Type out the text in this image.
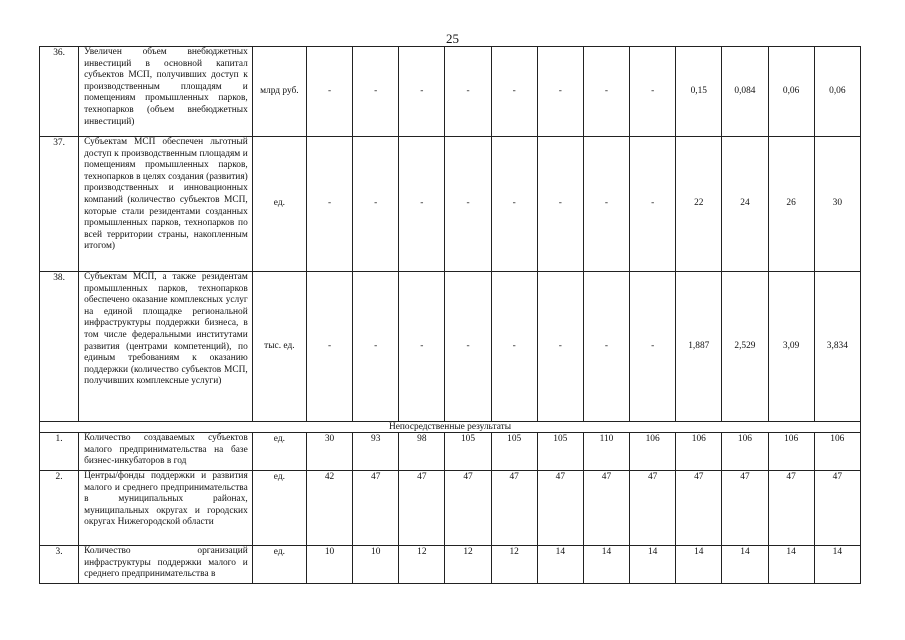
25
36.	Увеличен объем внебюджетных инвестиций в основной капитал субъектов МСП, получивших доступ к производственным площадям и помещениям промышленных парков, технопарков (объем внебюджетных инвестиций)	млрд руб.	-	-	-	-	-	-	-	-	0,15	0,084	0,06	0,06
37.	Субъектам МСП обеспечен льготный доступ к производственным площадям и помещениям промышленных парков, технопарков в целях создания (развития) производственных и инновационных компаний (количество субъектов МСП, которые стали резидентами созданных промышленных парков, технопарков по всей территории страны, накопленным итогом)	ед.	-	-	-	-	-	-	-	-	22	24	26	30
38.	Субъектам МСП, а также резидентам промышленных парков, технопарков обеспечено оказание комплексных услуг на единой площадке региональной инфраструктуры поддержки бизнеса, в том числе федеральными институтами развития (центрами компетенций), по единым требованиям к оказанию поддержки (количество субъектов МСП, получивших комплексные услуги)	тыс. ед.	-	-	-	-	-	-	-	-	1,887	2,529	3,09	3,834
Непосредственные результаты														
1.	Количество создаваемых субъектов малого предпринимательства на базе бизнес-инкубаторов в год	ед.	30	93	98	105	105	105	110	106	106	106	106	106
2.	Центры/фонды поддержки и развития малого и среднего предпринимательства в муниципальных районах, муниципальных округах и городских округах Нижегородской области	ед.	42	47	47	47	47	47	47	47	47	47	47	47
3.	Количество организаций инфраструктуры поддержки малого и среднего предпринимательства в	ед.	10	10	12	12	12	14	14	14	14	14	14	14
